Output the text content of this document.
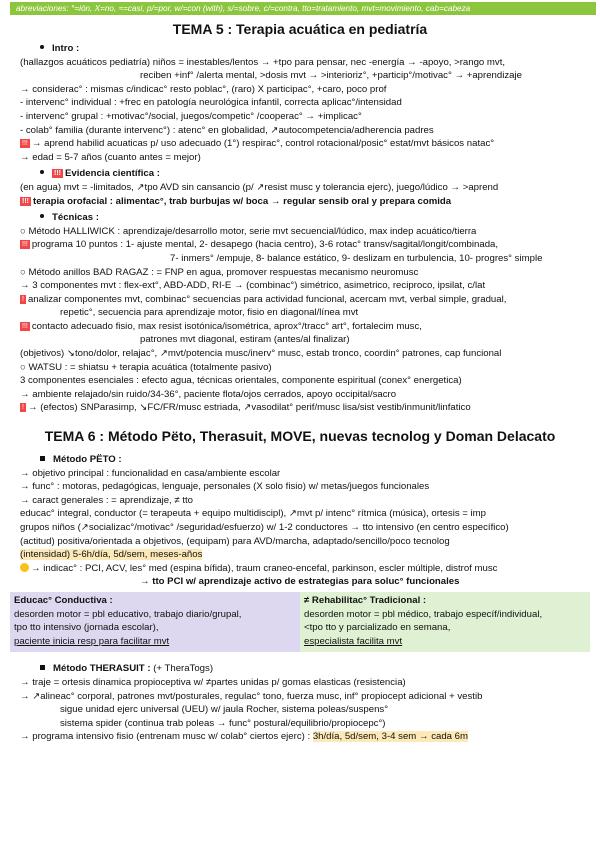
abreviaciones: °=ión, X=no, ≈=casi, p/=por, w/=con (with), s/=sobre, c/=contra, tto=tratamiento, mvt=movimiento, cab=cabeza
TEMA 5 : Terapia acuática en pediatría
Intro :
(hallazgos acuáticos pediatría) niños = inestables/lentos → +tpo para pensar, nec -energía → -apoyo, >rango mvt,
reciben +inf° /alerta mental, >dosis mvt → >interioriz°, +particip°/motivac° → +aprendizaje
→ consideraс° : mismas c/indicac° resto poblac°, (raro) X participac°, +caro, poco prof
- intervenc° individual : +frec en patología neurológica infantil, correcta aplicac°/intensidad
- intervenc° grupal : +motivac°/social, juegos/competic° /cooperac° → +implicac°
- colab° familia (durante intervenc°) : atenc° en globalidad, ↗autocompetencia/adherencia padres
!!! → aprend habilid acuaticas p/ uso adecuado (1°) respirac°, control rotacional/posic° estat/mvt básicos natac°
→ edad = 5-7 años (cuanto antes = mejor)
!!! Evidencia científica :
(en agua) mvt = -limitados, ↗tpo AVD sin cansancio (p/ ↗resist musc y tolerancia ejerc), juego/lúdico → >aprend
!!! terapia orofacial : alimentac°, trab burbujas w/ boca → regular sensib oral y prepara comida
Técnicas :
○ Método HALLIWICK : aprendizaje/desarrollo motor, serie mvt secuencial/lúdico, max indep acuático/tierra
!!! programa 10 puntos : 1- ajuste mental, 2- desapego (hacia centro), 3-6 rotac° transv/sagital/longit/combinada,
7- inmers° /empuje, 8- balance estático, 9- deslizam en turbulencia, 10- progres° simple
○ Método anillos BAD RAGAZ : = FNP en agua, promover respuestas mecanismo neuromusc
→ 3 componentes mvt : flex-ext°, ABD-ADD, RI-E → (combinac°) simétrico, asimetrico, reciproco, ipsilat, c/lat
! analizar componentes mvt, combinac° secuencias para actividad funcional, acercam mvt, verbal simple, gradual,
repetic°, secuencia para aprendizaje motor, fisio en diagonal/línea mvt
!!! contacto adecuado fisio, max resist isotónica/isométrica, aprox°/tracc° art°, fortalecim musc,
patrones mvt diagonal, estiram (antes/al finalizar)
(objetivos) ↘tono/dolor, relajac°, ↗mvt/potencia musc/inerv° musc, estab tronco, coordin° patrones, cap funcional
○ WATSU : = shiatsu + terapia acuática (totalmente pasivo)
3 componentes esenciales : efecto agua, técnicas orientales, componente espiritual (conex° energetica)
→ ambiente relajado/sin ruido/34-36°, paciente flota/ojos cerrados, apoyo occipital/sacro
! → (efectos) SNParasimp, ↘FC/FR/musc estriada, ↗vasodilat° perif/musc lisa/sist vestib/inmunit/linfatico
TEMA 6 : Método Pëto, Therasuit, MOVE, nuevas tecnolog y Doman Delacato
Método PËTO :
→ objetivo principal : funcionalidad en casa/ambiente escolar
→ func° : motoras, pedagógicas, lenguaje, personales (X solo fisio) w/ metas/juegos funcionales
→ caract generales : = aprendizaje, ≠ tto
educac° integral, conductor (= terapeuta + equipo multidiscipl), ↗mvt p/ intenc° rítmica (música), ortesis = imp
grupos niños (↗socializac°/motivac° /seguridad/esfuerzo) w/ 1-2 conductores → tto intensivo (en centro específico)
(actitud) positiva/orientada a objetivos, (equipam) para AVD/marcha, adaptado/sencillo/poco tecnolog
(intensidad) 5-6h/día, 5d/sem, meses-años
→ indicac° : PCI, ACV, les° med (espina bífida), traum craneo-encefal, parkinson, escler múltiple, distrof musc
→ tto PCI w/ aprendizaje activo de estrategias para soluc° funcionales
Educac° Conductiva :
desorden motor = pbl educativo, trabajo diario/grupal,
tpo tto intensivo (jornada escolar),
paciente inicia resp para facilitar mvt
≠ Rehabilitac° Tradicional :
desorden motor = pbl médico, trabajo específ/individual,
<tpo tto y parcializado en semana,
especialista facilita mvt
Método THERASUIT : (+ TheraTogs)
→ traje = ortesis dinamica propioceptiva w/ ≠partes unidas p/ gomas elasticas (resistencia)
→ ↗alineac° corporal, patrones mvt/posturales, regulac° tono, fuerza musc, inf° propiocept adicional + vestib
sigue unidad ejerc universal (UEU) w/ jaula Rocher, sistema poleas/suspens°
sistema spider (continua trab poleas → func° postural/equilibrio/propiocepc°)
→ programa intensivo fisio (entrenam musc w/ colab° ciertos ejerc) : 3h/día, 5d/sem, 3-4 sem → cada 6m
